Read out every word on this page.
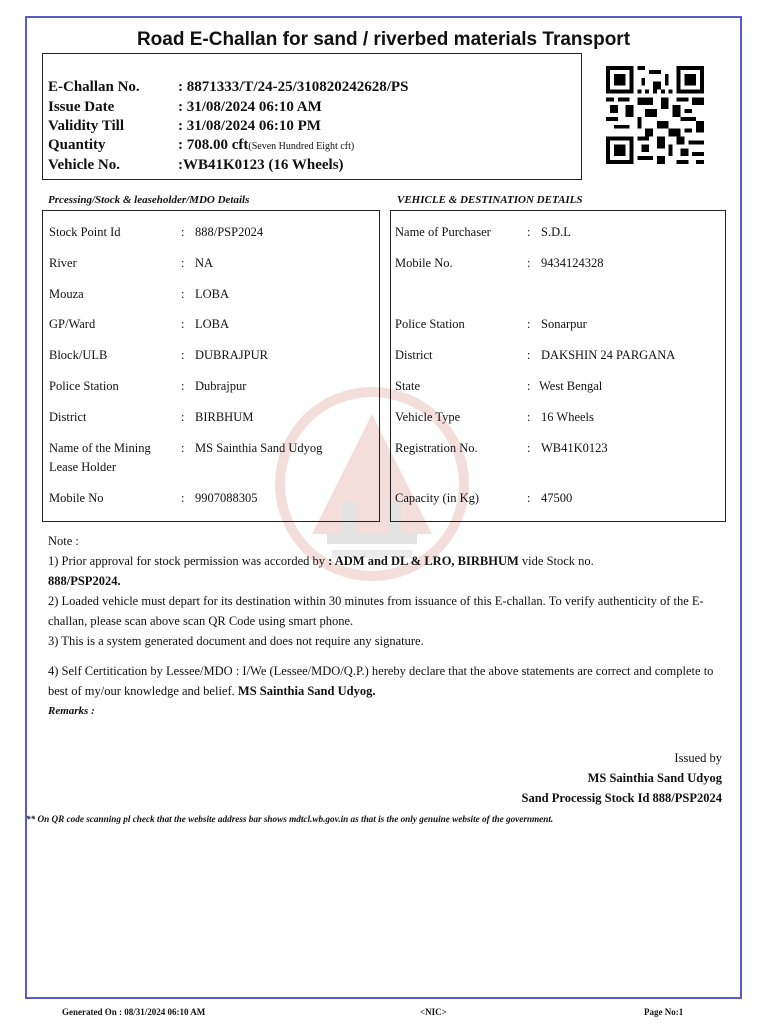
Road E-Challan for sand / riverbed materials Transport
E-Challan No.	: 8871333/T/24-25/310820242628/PS
Issue Date	: 31/08/2024 06:10 AM
Validity Till	: 31/08/2024 06:10 PM
Quantity	: 708.00 cft(Seven Hundred Eight cft)
Vehicle No.	:WB41K0123 (16 Wheels)
Prcessing/Stock & leaseholder/MDO Details	VEHICLE & DESTINATION DETAILS
Stock Point Id	: 888/PSP2024
River	: NA
Mouza	: LOBA
GP/Ward	: LOBA
Block/ULB	: DUBRAJPUR
Police Station	: Dubrajpur
District	: BIRBHUM
Name of the Mining Lease Holder
: MS Sainthia Sand Udyog
Mobile No	: 9907088305
Name of Purchaser	: S.D.L
Mobile No.	: 9434124328
Police Station	: Sonarpur
District	: DAKSHIN 24 PARGANA
State	: West Bengal
Vehicle Type	: 16 Wheels
Registration No.	: WB41K0123
Capacity (in Kg)	: 47500

Note :

1) Prior approval for stock permission was accorded by : ADM and DL & LRO, BIRBHUM vide Stock no.
888/PSP2024.

2) Loaded vehicle must depart for its destination within 30 minutes from issuance of this E-challan. To verify authenticity of the E-challan, please scan above scan QR Code using smart phone.

3) This is a system generated document and does not require any signature.

4) Self Certitication by Lessee/MDO : I/We (Lessee/MDO/Q.P.) hereby declare that the above statements are correct and complete to best of my/our knowledge and belief. MS Sainthia Sand Udyog.

Remarks :

Issued by
MS Sainthia Sand Udyog
Sand Processig Stock Id 888/PSP2024
** On QR code scanning pl check that the website address bar shows mdtcl.wb.gov.in as that is the only genuine website of the government.
Generated On : 08/31/2024 06:10 AM	<NIC>	Page No:1
